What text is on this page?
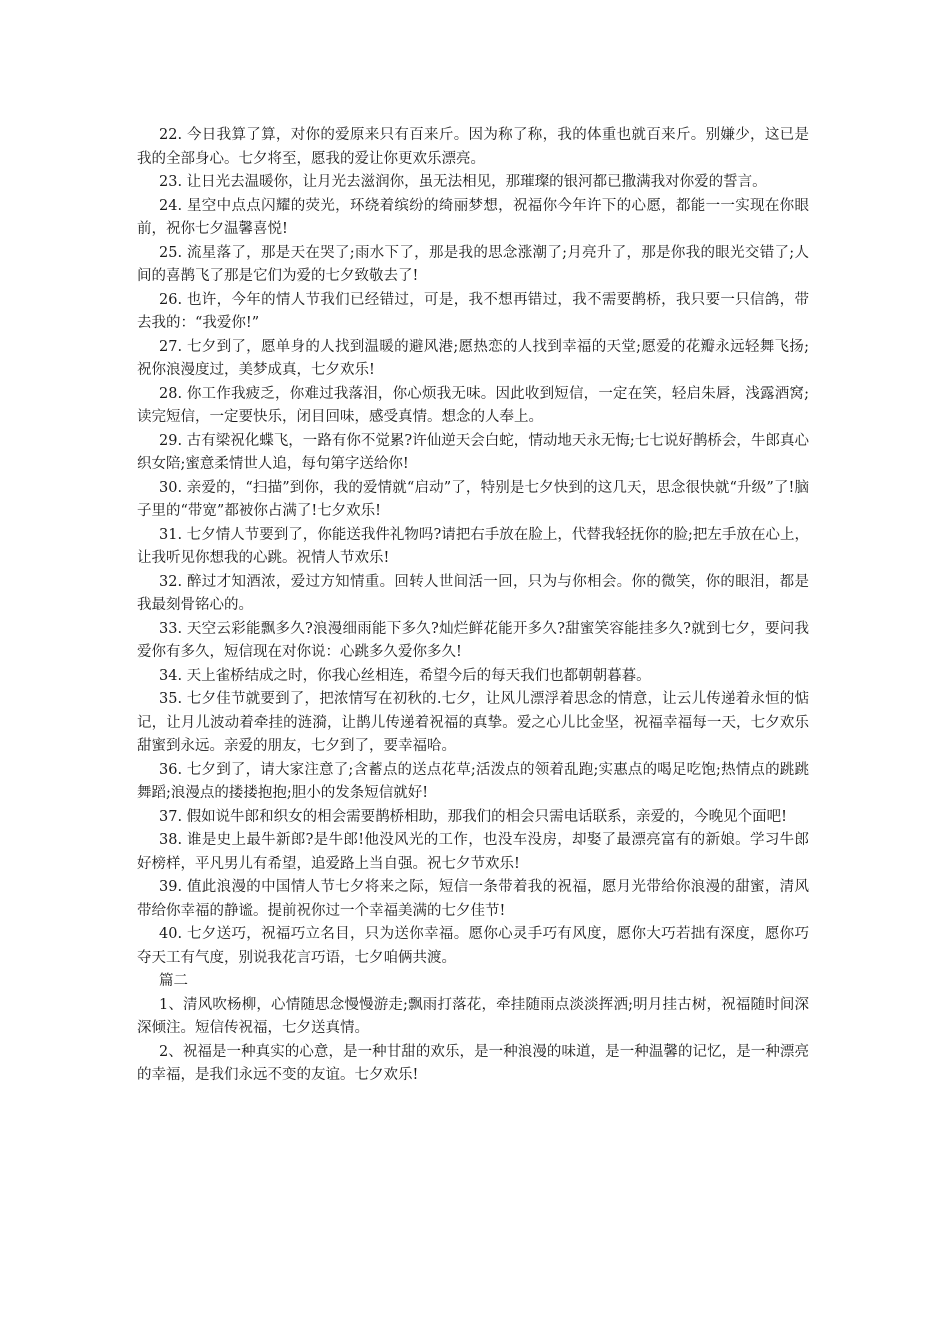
22. 今日我算了算，对你的爱原来只有百来斤。因为称了称，我的体重也就百来斤。别嫌少，这已是我的全部身心。七夕将至，愿我的爱让你更欢乐漂亮。

23. 让日光去温暖你，让月光去滋润你，虽无法相见，那璀璨的银河都已撒满我对你爱的誓言。

24. 星空中点点闪耀的荧光，环绕着缤纷的绮丽梦想，祝福你今年许下的心愿，都能一一实现在你眼前，祝你七夕温馨喜悦!

25. 流星落了，那是天在哭了;雨水下了，那是我的思念涨潮了;月亮升了，那是你我的眼光交错了;人间的喜鹊飞了那是它们为爱的七夕致敬去了!

26. 也许，今年的情人节我们已经错过，可是，我不想再错过，我不需要鹊桥，我只要一只信鸽，带去我的：“我爱你!”

27. 七夕到了，愿单身的人找到温暖的避风港;愿热恋的人找到幸福的天堂;愿爱的花瓣永远轻舞飞扬;祝你浪漫度过，美梦成真，七夕欢乐!

28. 你工作我疲乏，你难过我落泪，你心烦我无味。因此收到短信，一定在笑，轻启朱唇，浅露酒窝;读完短信，一定要快乐，闭目回味，感受真情。想念的人奉上。

29. 古有梁祝化蝶飞，一路有你不觉累?许仙逆天会白蛇，情动地天永无悔;七七说好鹊桥会，牛郎真心织女陪;蜜意柔情世人追，每句第字送给你!

30. 亲爱的，“扫描”到你，我的爱情就“启动”了，特别是七夕快到的这几天，思念很快就“升级”了!脑子里的“带宽”都被你占满了!七夕欢乐!

31. 七夕情人节要到了，你能送我件礼物吗?请把右手放在脸上，代替我轻抚你的脸;把左手放在心上，让我听见你想我的心跳。祝情人节欢乐!

32. 醉过才知酒浓，爱过方知情重。回转人世间活一回，只为与你相会。你的微笑，你的眼泪，都是我最刻骨铭心的。

33. 天空云彩能飘多久?浪漫细雨能下多久?灿烂鲜花能开多久?甜蜜笑容能挂多久?就到七夕，要问我爱你有多久，短信现在对你说：心跳多久爱你多久!

34. 天上雀桥结成之时，你我心丝相连，希望今后的每天我们也都朝朝暮暮。

35. 七夕佳节就要到了，把浓情写在初秋的.七夕，让风儿漂浮着思念的情意，让云儿传递着永恒的惦记，让月儿波动着牵挂的涟漪，让鹊儿传递着祝福的真挚。爱之心儿比金坚，祝福幸福每一天，七夕欢乐甜蜜到永远。亲爱的朋友，七夕到了，要幸福哈。

36. 七夕到了，请大家注意了;含蓄点的送点花草;活泼点的领着乱跑;实惠点的喝足吃饱;热情点的跳跳舞蹈;浪漫点的搂搂抱抱;胆小的发条短信就好!

37. 假如说牛郎和织女的相会需要鹊桥相助，那我们的相会只需电话联系，亲爱的，今晚见个面吧!

38. 谁是史上最牛新郎?是牛郎!他没风光的工作，也没车没房，却娶了最漂亮富有的新娘。学习牛郎好榜样，平凡男儿有希望，追爱路上当自强。祝七夕节欢乐!

39. 值此浪漫的中国情人节七夕将来之际，短信一条带着我的祝福，愿月光带给你浪漫的甜蜜，清风带给你幸福的静谧。提前祝你过一个幸福美满的七夕佳节!

40. 七夕送巧，祝福巧立名目，只为送你幸福。愿你心灵手巧有风度，愿你大巧若拙有深度，愿你巧夺天工有气度，别说我花言巧语，七夕咱俩共渡。

篇二

1、清风吹杨柳，心情随思念慢慢游走;飘雨打落花，牵挂随雨点淡淡挥洒;明月挂古树，祝福随时间深深倾注。短信传祝福，七夕送真情。

2、祝福是一种真实的心意，是一种甘甜的欢乐，是一种浪漫的味道，是一种温馨的记忆，是一种漂亮的幸福，是我们永远不变的友谊。七夕欢乐!
